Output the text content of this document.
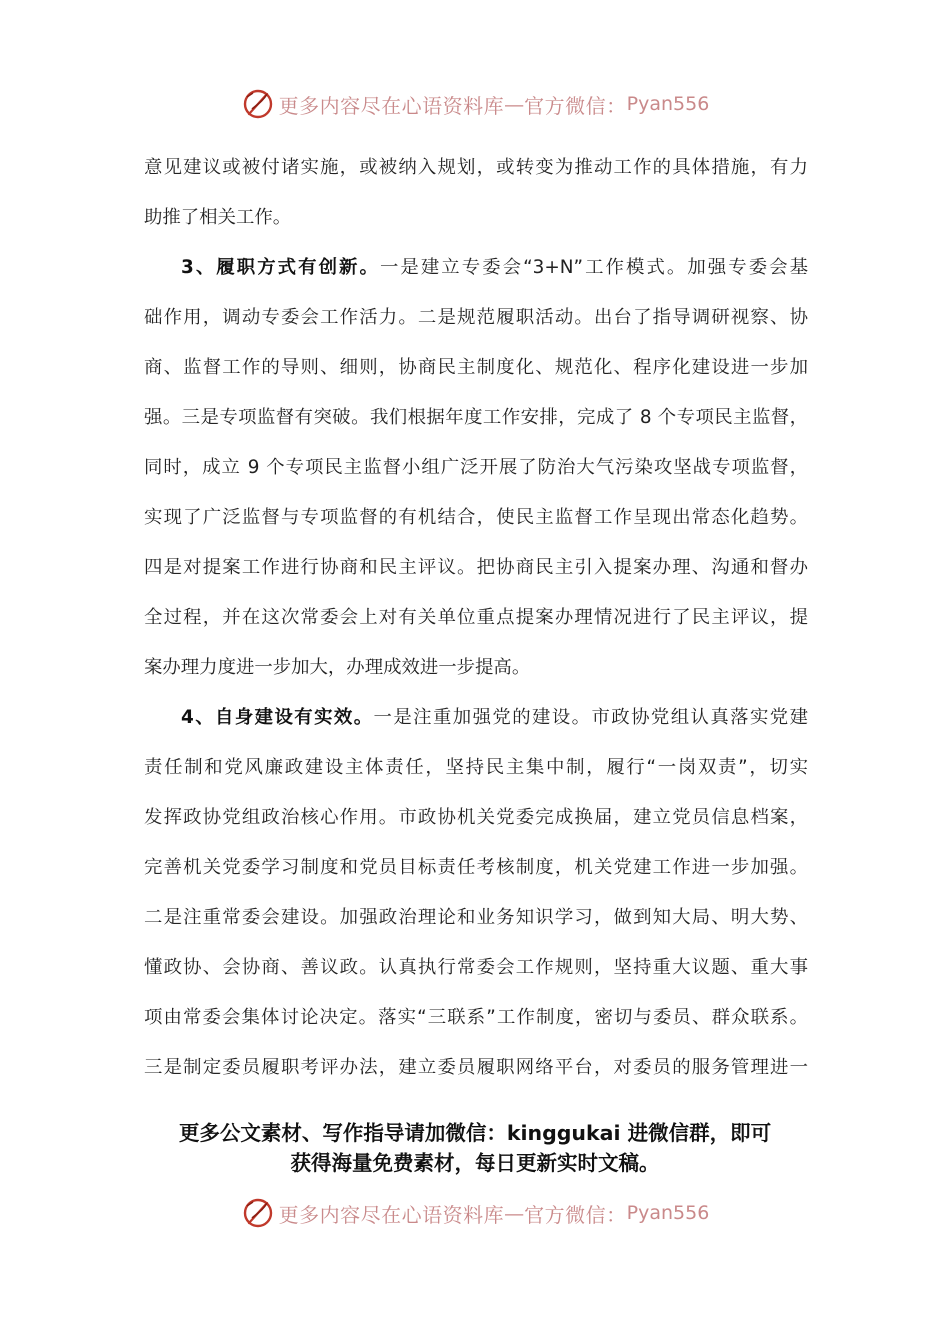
更多内容尽在心语资料库 — 官方微信： Pyan556
意见建议或被付诸实施，或被纳入规划，或转变为推动工作的具体措施，有力
助推了相关工作。
3、履职方式有创新。一是建立专委会“3+N”工作模式。加强专委会基
础作用，调动专委会工作活力。二是规范履职活动。出台了指导调研视察、协
商、监督工作的导则、细则，协商民主制度化、规范化、程序化建设进一步加
强。三是专项监督有突破。我们根据年度工作安排，完成了 8 个专项民主监督，
同时，成立 9 个专项民主监督小组广泛开展了防治大气污染攻坚战专项监督，
实现了广泛监督与专项监督的有机结合，使民主监督工作呈现出常态化趋势。
四是对提案工作进行协商和民主评议。把协商民主引入提案办理、沟通和督办
全过程，并在这次常委会上对有关单位重点提案办理情况进行了民主评议，提
案办理力度进一步加大，办理成效进一步提高。
4、自身建设有实效。一是注重加强党的建设。市政协党组认真落实党建
责任制和党风廉政建设主体责任，坚持民主集中制，履行“一岗双责”，切实
发挥政协党组政治核心作用。市政协机关党委完成换届，建立党员信息档案，
完善机关党委学习制度和党员目标责任考核制度，机关党建工作进一步加强。
二是注重常委会建设。加强政治理论和业务知识学习，做到知大局、明大势、
懂政协、会协商、善议政。认真执行常委会工作规则，坚持重大议题、重大事
项由常委会集体讨论决定。落实“三联系”工作制度，密切与委员、群众联系。
三是制定委员履职考评办法，建立委员履职网络平台，对委员的服务管理进一
更多公文素材、写作指导请加微信：kinggukai 进微信群，即可
获得海量免费素材，每日更新实时文稿。
更多内容尽在心语资料库 — 官方微信： Pyan556
